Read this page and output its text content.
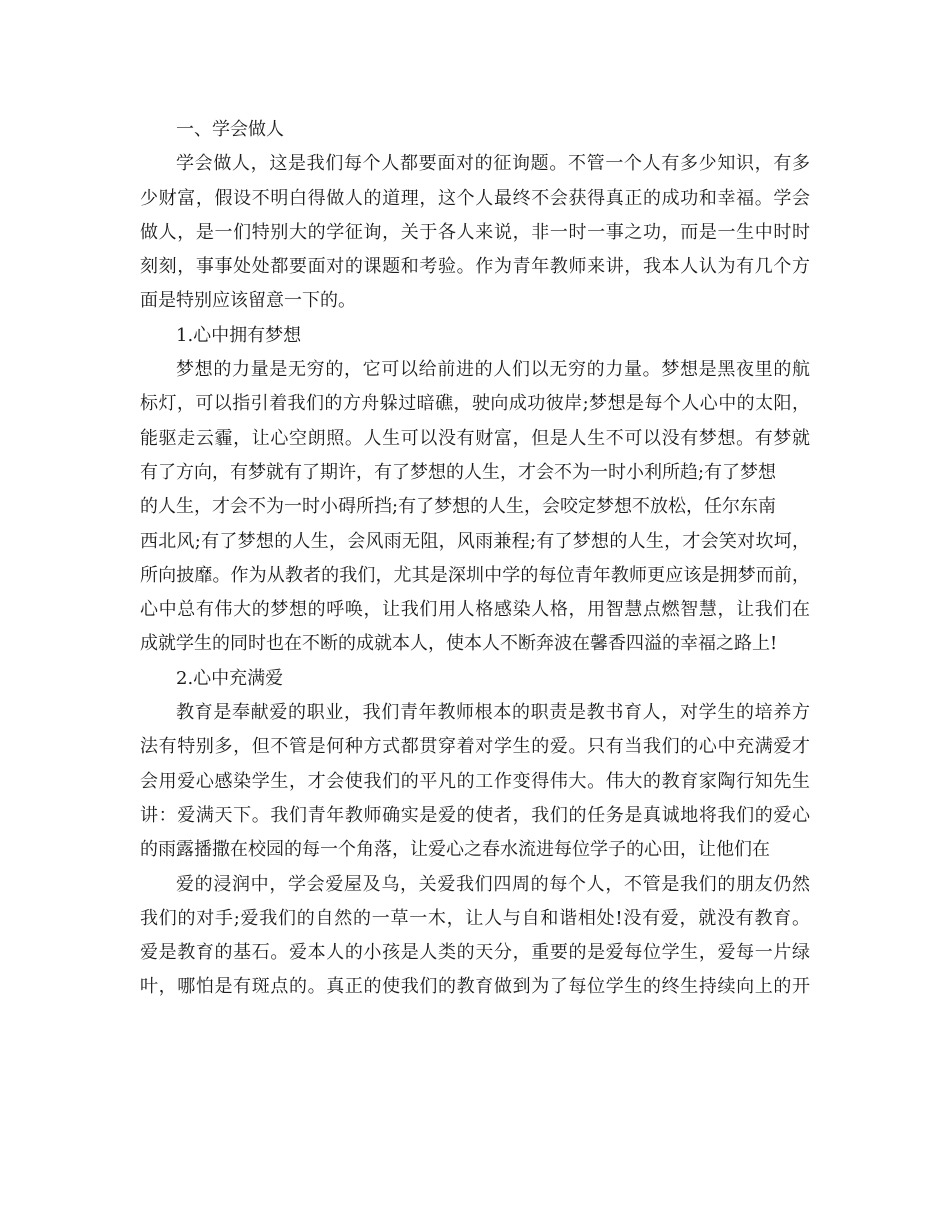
一、学会做人
学会做人，这是我们每个人都要面对的征询题。不管一个人有多少知识，有多
少财富，假设不明白得做人的道理，这个人最终不会获得真正的成功和幸福。学会
做人，是一们特别大的学征询，关于各人来说，非一时一事之功，而是一生中时时
刻刻，事事处处都要面对的课题和考验。作为青年教师来讲，我本人认为有几个方
面是特别应该留意一下的。
1.心中拥有梦想
梦想的力量是无穷的，它可以给前进的人们以无穷的力量。梦想是黑夜里的航
标灯，可以指引着我们的方舟躲过暗礁，驶向成功彼岸;梦想是每个人心中的太阳，
能驱走云霾，让心空朗照。人生可以没有财富，但是人生不可以没有梦想。有梦就
有了方向，有梦就有了期许，有了梦想的人生，才会不为一时小利所趋;有了梦想
的人生，才会不为一时小碍所挡;有了梦想的人生，会咬定梦想不放松，任尔东南
西北风;有了梦想的人生，会风雨无阻，风雨兼程;有了梦想的人生，才会笑对坎坷，
所向披靡。作为从教者的我们，尤其是深圳中学的每位青年教师更应该是拥梦而前，
心中总有伟大的梦想的呼唤，让我们用人格感染人格，用智慧点燃智慧，让我们在
成就学生的同时也在不断的成就本人，使本人不断奔波在馨香四溢的幸福之路上!
2.心中充满爱
教育是奉献爱的职业，我们青年教师根本的职责是教书育人，对学生的培养方
法有特别多，但不管是何种方式都贯穿着对学生的爱。只有当我们的心中充满爱才
会用爱心感染学生，才会使我们的平凡的工作变得伟大。伟大的教育家陶行知先生
讲：爱满天下。我们青年教师确实是爱的使者，我们的任务是真诚地将我们的爱心
的雨露播撒在校园的每一个角落，让爱心之春水流进每位学子的心田，让他们在
爱的浸润中，学会爱屋及乌，关爱我们四周的每个人，不管是我们的朋友仍然
我们的对手;爱我们的自然的一草一木，让人与自和谐相处!没有爱，就没有教育。
爱是教育的基石。爱本人的小孩是人类的天分，重要的是爱每位学生，爱每一片绿
叶，哪怕是有斑点的。真正的使我们的教育做到为了每位学生的终生持续向上的开
